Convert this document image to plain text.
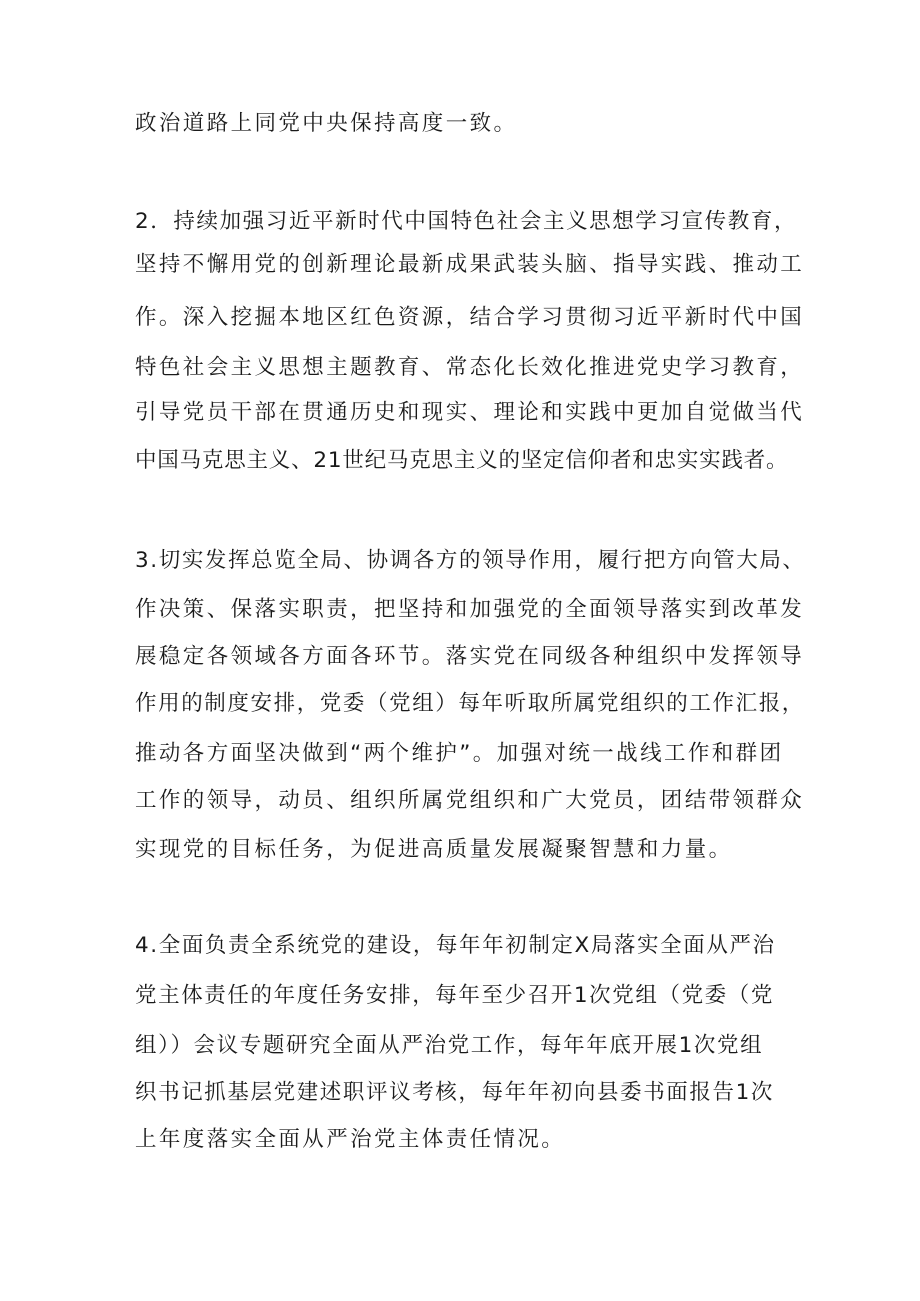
政治道路上同党中央保持高度一致。
2．持续加强习近平新时代中国特色社会主义思想学习宣传教育，
坚持不懈用党的创新理论最新成果武装头脑、指导实践、推动工
作。深入挖掘本地区红色资源，结合学习贯彻习近平新时代中国
特色社会主义思想主题教育、常态化长效化推进党史学习教育，
引导党员干部在贯通历史和现实、理论和实践中更加自觉做当代
中国马克思主义、21世纪马克思主义的坚定信仰者和忠实实践者。
3.切实发挥总览全局、协调各方的领导作用，履行把方向管大局、
作决策、保落实职责，把坚持和加强党的全面领导落实到改革发
展稳定各领域各方面各环节。落实党在同级各种组织中发挥领导
作用的制度安排，党委（党组）每年听取所属党组织的工作汇报，
推动各方面坚决做到“两个维护”。加强对统一战线工作和群团
工作的领导，动员、组织所属党组织和广大党员，团结带领群众
实现党的目标任务，为促进高质量发展凝聚智慧和力量。
4.全面负责全系统党的建设，每年年初制定X局落实全面从严治
党主体责任的年度任务安排，每年至少召开1次党组（党委（党
组））会议专题研究全面从严治党工作，每年年底开展1次党组
织书记抓基层党建述职评议考核，每年年初向县委书面报告1次
上年度落实全面从严治党主体责任情况。
